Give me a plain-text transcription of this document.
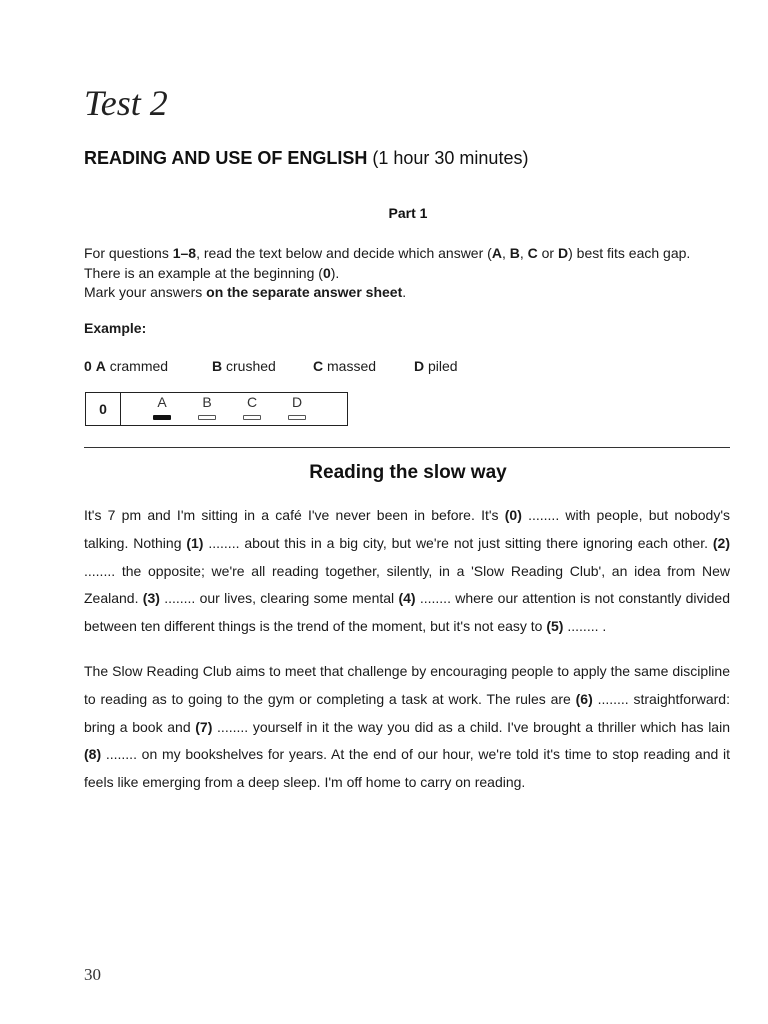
Test 2
READING AND USE OF ENGLISH (1 hour 30 minutes)
Part 1

For questions 1–8, read the text below and decide which answer (A, B, C or D) best fits each gap.

There is an example at the beginning (0).

Mark your answers on the separate answer sheet.

Example:
0 A crammed	B crushed	C massed	D piled
0	A	B	C	D
Reading the slow way

It's 7 pm and I'm sitting in a café I've never been in before. It's (0) ........ with people, but nobody's talking. Nothing (1) ........ about this in a big city, but we're not just sitting there ignoring each other. (2) ........ the opposite; we're all reading together, silently, in a 'Slow Reading Club', an idea from New Zealand. (3) ........ our lives, clearing some mental (4) ........ where our attention is not constantly divided between ten different things is the trend of the moment, but it's not easy to (5) ........ .

The Slow Reading Club aims to meet that challenge by encouraging people to apply the same discipline to reading as to going to the gym or completing a task at work. The rules are (6) ........ straightforward: bring a book and (7) ........ yourself in it the way you did as a child. I've brought a thriller which has lain (8) ........ on my bookshelves for years. At the end of our hour, we're told it's time to stop reading and it feels like emerging from a deep sleep. I'm off home to carry on reading.

30
